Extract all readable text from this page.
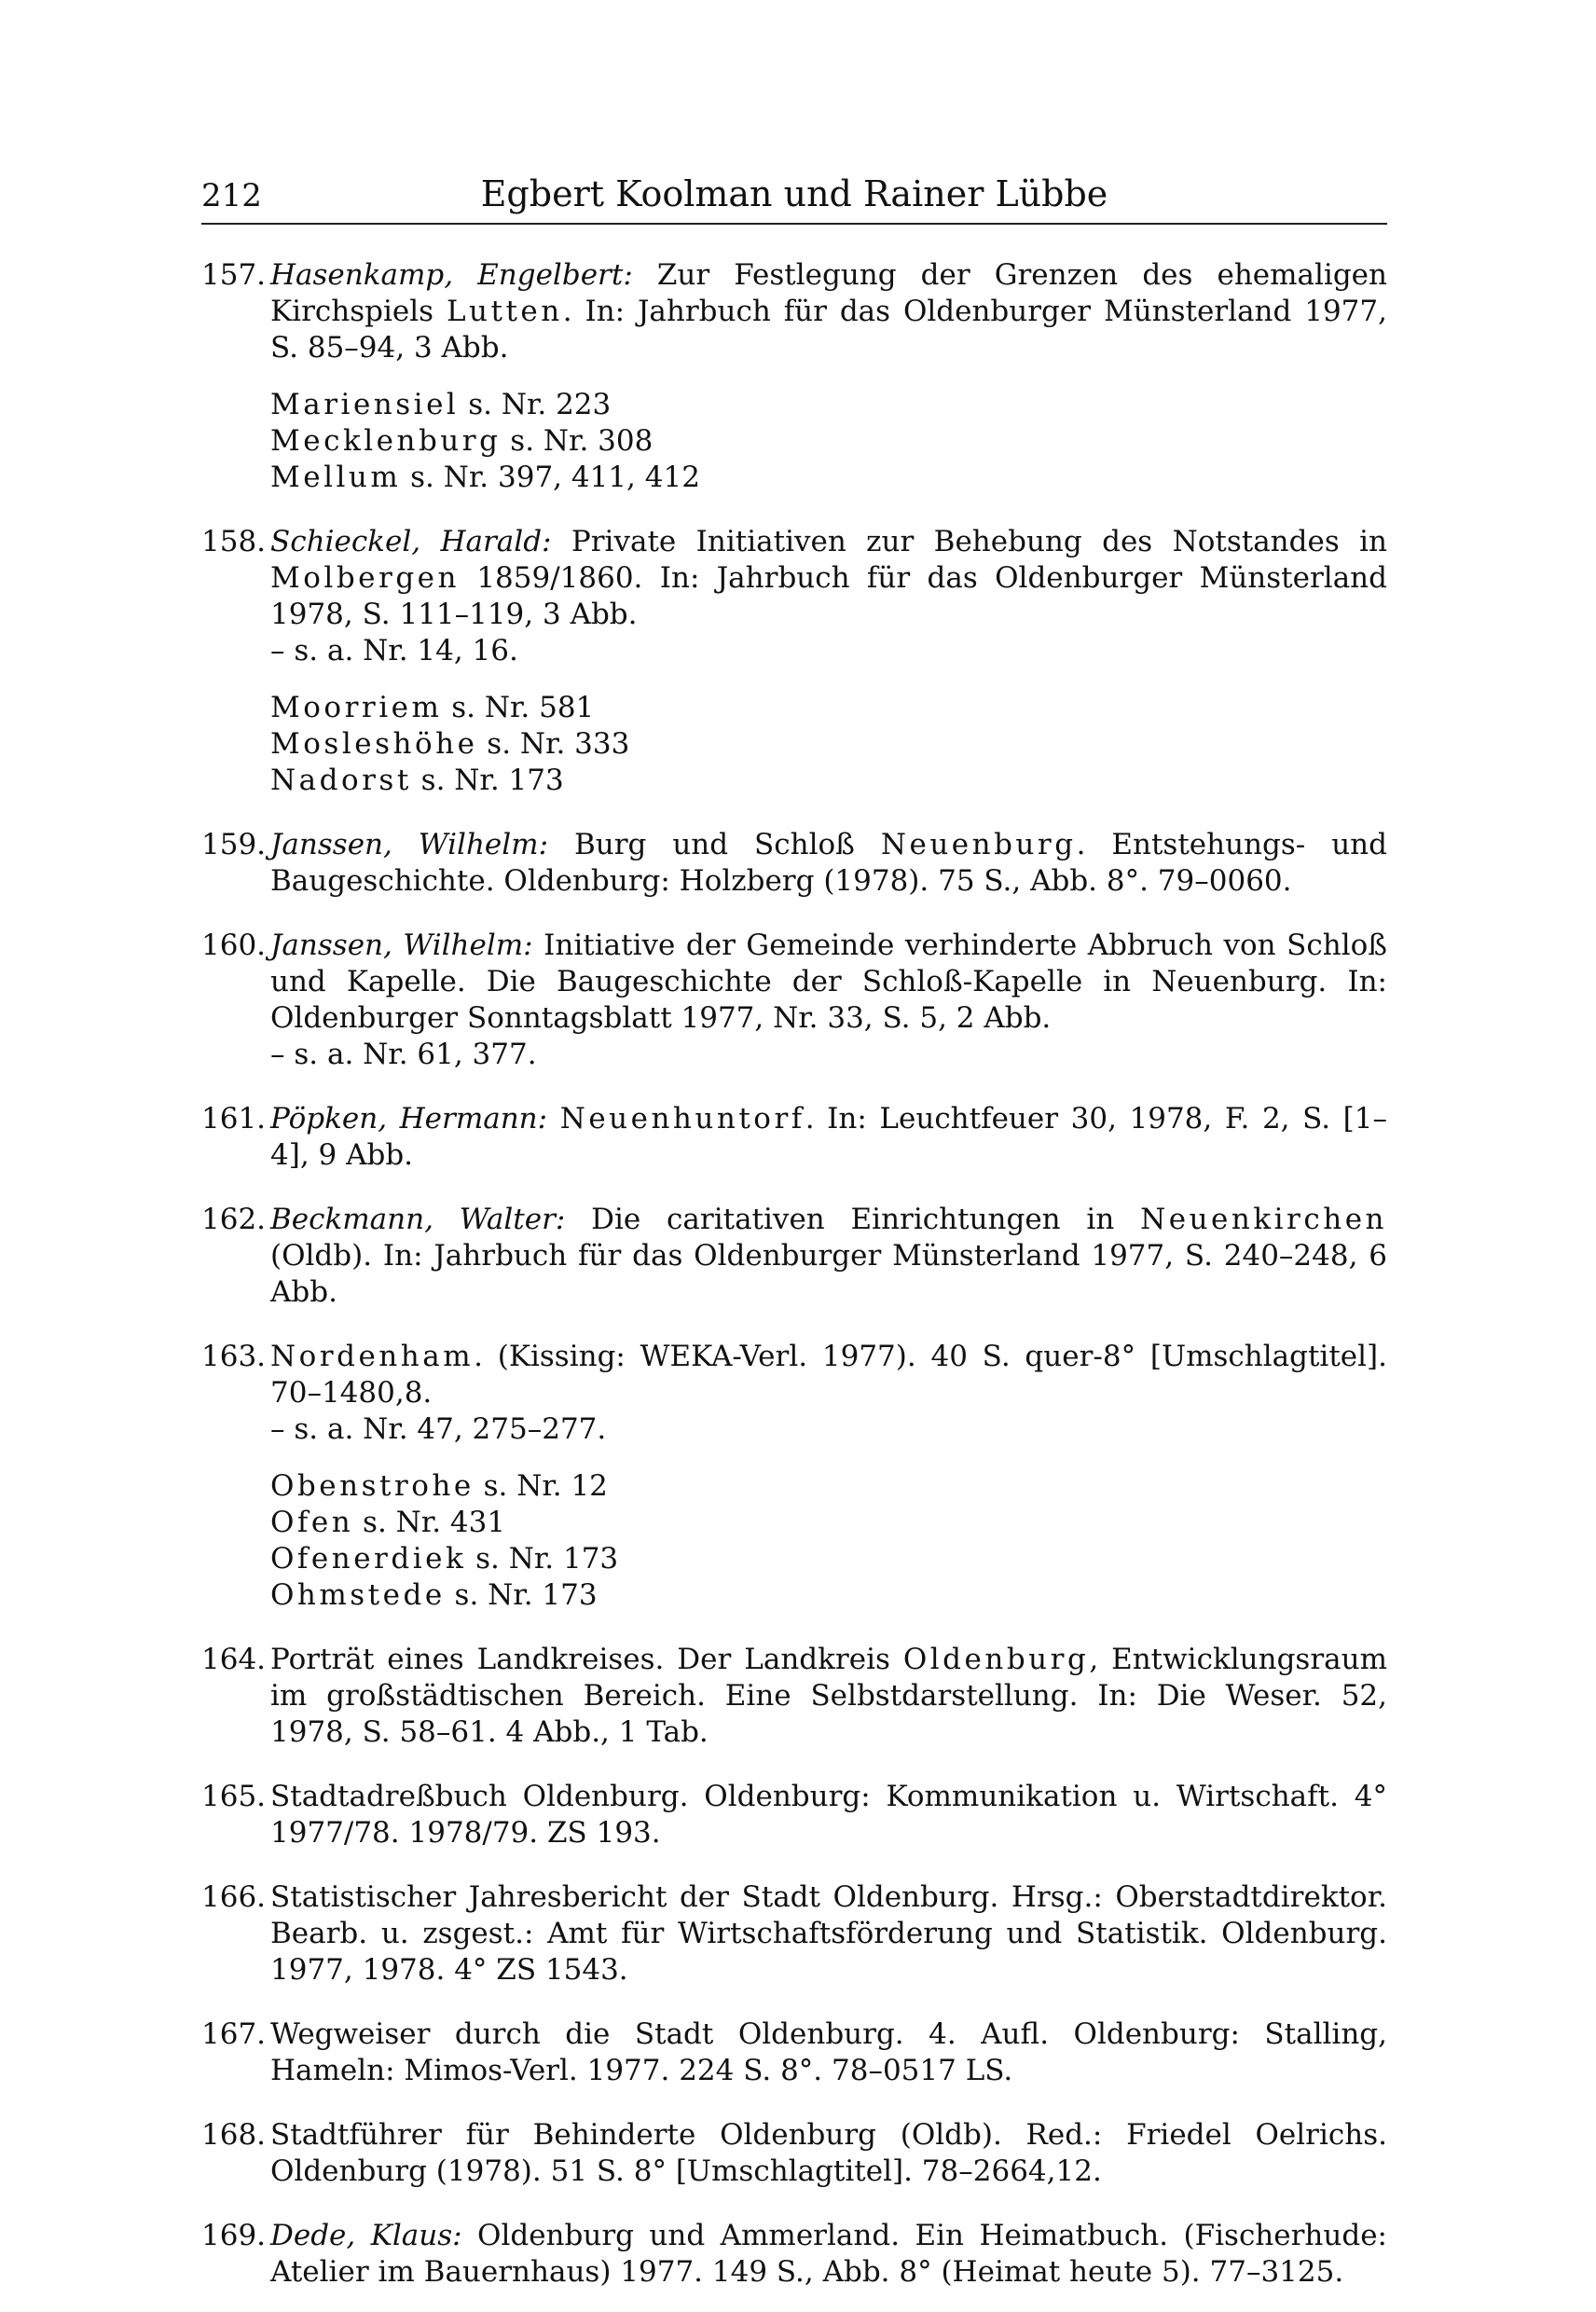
212	Egbert Koolman und Rainer Lübbe
157. Hasenkamp, Engelbert: Zur Festlegung der Grenzen des ehemaligen Kirchspiels Lutten. In: Jahrbuch für das Oldenburger Münsterland 1977, S. 85–94, 3 Abb.
Mariensiel s. Nr. 223
Mecklenburg s. Nr. 308
Mellum s. Nr. 397, 411, 412
158. Schieckel, Harald: Private Initiativen zur Behebung des Notstandes in Molbergen 1859/1860. In: Jahrbuch für das Oldenburger Münsterland 1978, S. 111–119, 3 Abb.
– s. a. Nr. 14, 16.
Moorriem s. Nr. 581
Mosleshöhe s. Nr. 333
Nadorst s. Nr. 173
159. Janssen, Wilhelm: Burg und Schloß Neuenburg. Entstehungs- und Baugeschichte. Oldenburg: Holzberg (1978). 75 S., Abb. 8°. 79–0060.
160. Janssen, Wilhelm: Initiative der Gemeinde verhinderte Abbruch von Schloß und Kapelle. Die Baugeschichte der Schloß-Kapelle in Neuenburg. In: Oldenburger Sonntagsblatt 1977, Nr. 33, S. 5, 2 Abb.
– s. a. Nr. 61, 377.
161. Pöpken, Hermann: Neuenhuntorf. In: Leuchtfeuer 30, 1978, F. 2, S. [1–4], 9 Abb.
162. Beckmann, Walter: Die caritativen Einrichtungen in Neuenkirchen (Oldb). In: Jahrbuch für das Oldenburger Münsterland 1977, S. 240–248, 6 Abb.
163. Nordenham. (Kissing: WEKA-Verl. 1977). 40 S. quer-8° [Umschlagtitel]. 70–1480,8.
– s. a. Nr. 47, 275–277.
Obenstrohe s. Nr. 12
Ofen s. Nr. 431
Ofenerdiek s. Nr. 173
Ohmstede s. Nr. 173
164. Porträt eines Landkreises. Der Landkreis Oldenburg, Entwicklungsraum im großstädtischen Bereich. Eine Selbstdarstellung. In: Die Weser. 52, 1978, S. 58–61. 4 Abb., 1 Tab.
165. Stadtadreßbuch Oldenburg. Oldenburg: Kommunikation u. Wirtschaft. 4° 1977/78. 1978/79. ZS 193.
166. Statistischer Jahresbericht der Stadt Oldenburg. Hrsg.: Oberstadtdirektor. Bearb. u. zsgest.: Amt für Wirtschaftsförderung und Statistik. Oldenburg. 1977, 1978. 4° ZS 1543.
167. Wegweiser durch die Stadt Oldenburg. 4. Aufl. Oldenburg: Stalling, Hameln: Mimos-Verl. 1977. 224 S. 8°. 78–0517 LS.
168. Stadtführer für Behinderte Oldenburg (Oldb). Red.: Friedel Oelrichs. Oldenburg (1978). 51 S. 8° [Umschlagtitel]. 78–2664,12.
169. Dede, Klaus: Oldenburg und Ammerland. Ein Heimatbuch. (Fischerhude: Atelier im Bauernhaus) 1977. 149 S., Abb. 8° (Heimat heute 5). 77–3125.
